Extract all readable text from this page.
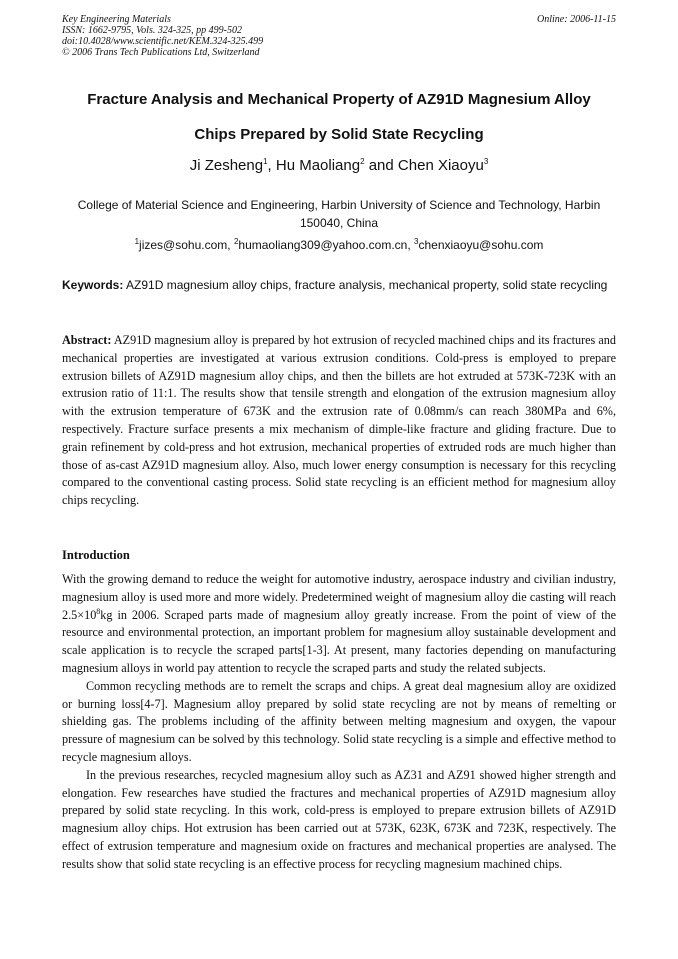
Key Engineering Materials
ISSN: 1662-9795, Vols. 324-325, pp 499-502
doi:10.4028/www.scientific.net/KEM.324-325.499
© 2006 Trans Tech Publications Ltd, Switzerland
Online: 2006-11-15
Fracture Analysis and Mechanical Property of AZ91D Magnesium Alloy
Chips Prepared by Solid State Recycling
Ji Zesheng$^1$, Hu Maoliang$^2$ and Chen Xiaoyu$^3$
College of Material Science and Engineering, Harbin University of Science and Technology, Harbin 150040, China
$^1$jizes@sohu.com, $^2$humaoliang309@yahoo.com.cn, $^3$chenxiaoyu@sohu.com
Keywords: AZ91D magnesium alloy chips, fracture analysis, mechanical property, solid state recycling
Abstract: AZ91D magnesium alloy is prepared by hot extrusion of recycled machined chips and its fractures and mechanical properties are investigated at various extrusion conditions. Cold-press is employed to prepare extrusion billets of AZ91D magnesium alloy chips, and then the billets are hot extruded at 573K-723K with an extrusion ratio of 11:1. The results show that tensile strength and elongation of the extrusion magnesium alloy with the extrusion temperature of 673K and the extrusion rate of 0.08mm/s can reach 380MPa and 6%, respectively. Fracture surface presents a mix mechanism of dimple-like fracture and gliding fracture. Due to grain refinement by cold-press and hot extrusion, mechanical properties of extruded rods are much higher than those of as-cast AZ91D magnesium alloy. Also, much lower energy consumption is necessary for this recycling compared to the conventional casting process. Solid state recycling is an efficient method for magnesium alloy chips recycling.
Introduction

With the growing demand to reduce the weight for automotive industry, aerospace industry and civilian industry, magnesium alloy is used more and more widely. Predetermined weight of magnesium alloy die casting will reach $2.5\times 10^8kg$ in 2006. Scraped parts made of magnesium alloy greatly increase. From the point of view of the resource and environmental protection, an important problem for magnesium alloy sustainable development and scale application is to recycle the scraped parts[1-3]. At present, many factories depending on manufacturing magnesium alloys in world pay attention to recycle the scraped parts and study the related subjects.

Common recycling methods are to remelt the scraps and chips. A great deal magnesium alloy are oxidized or burning loss[4-7]. Magnesium alloy prepared by solid state recycling are not by means of remelting or shielding gas. The problems including of the affinity between melting magnesium and oxygen, the vapour pressure of magnesium can be solved by this technology. Solid state recycling is a simple and effective method to recycle magnesium alloys.

In the previous researches, recycled magnesium alloy such as AZ31 and AZ91 showed higher strength and elongation. Few researches have studied the fractures and mechanical properties of AZ91D magnesium alloy prepared by solid state recycling. In this work, cold-press is employed to prepare extrusion billets of AZ91D magnesium alloy chips. Hot extrusion has been carried out at 573K, 623K, 673K and 723K, respectively. The effect of extrusion temperature and magnesium oxide on fractures and mechanical properties are analysed. The results show that solid state recycling is an effective process for recycling magnesium machined chips.
